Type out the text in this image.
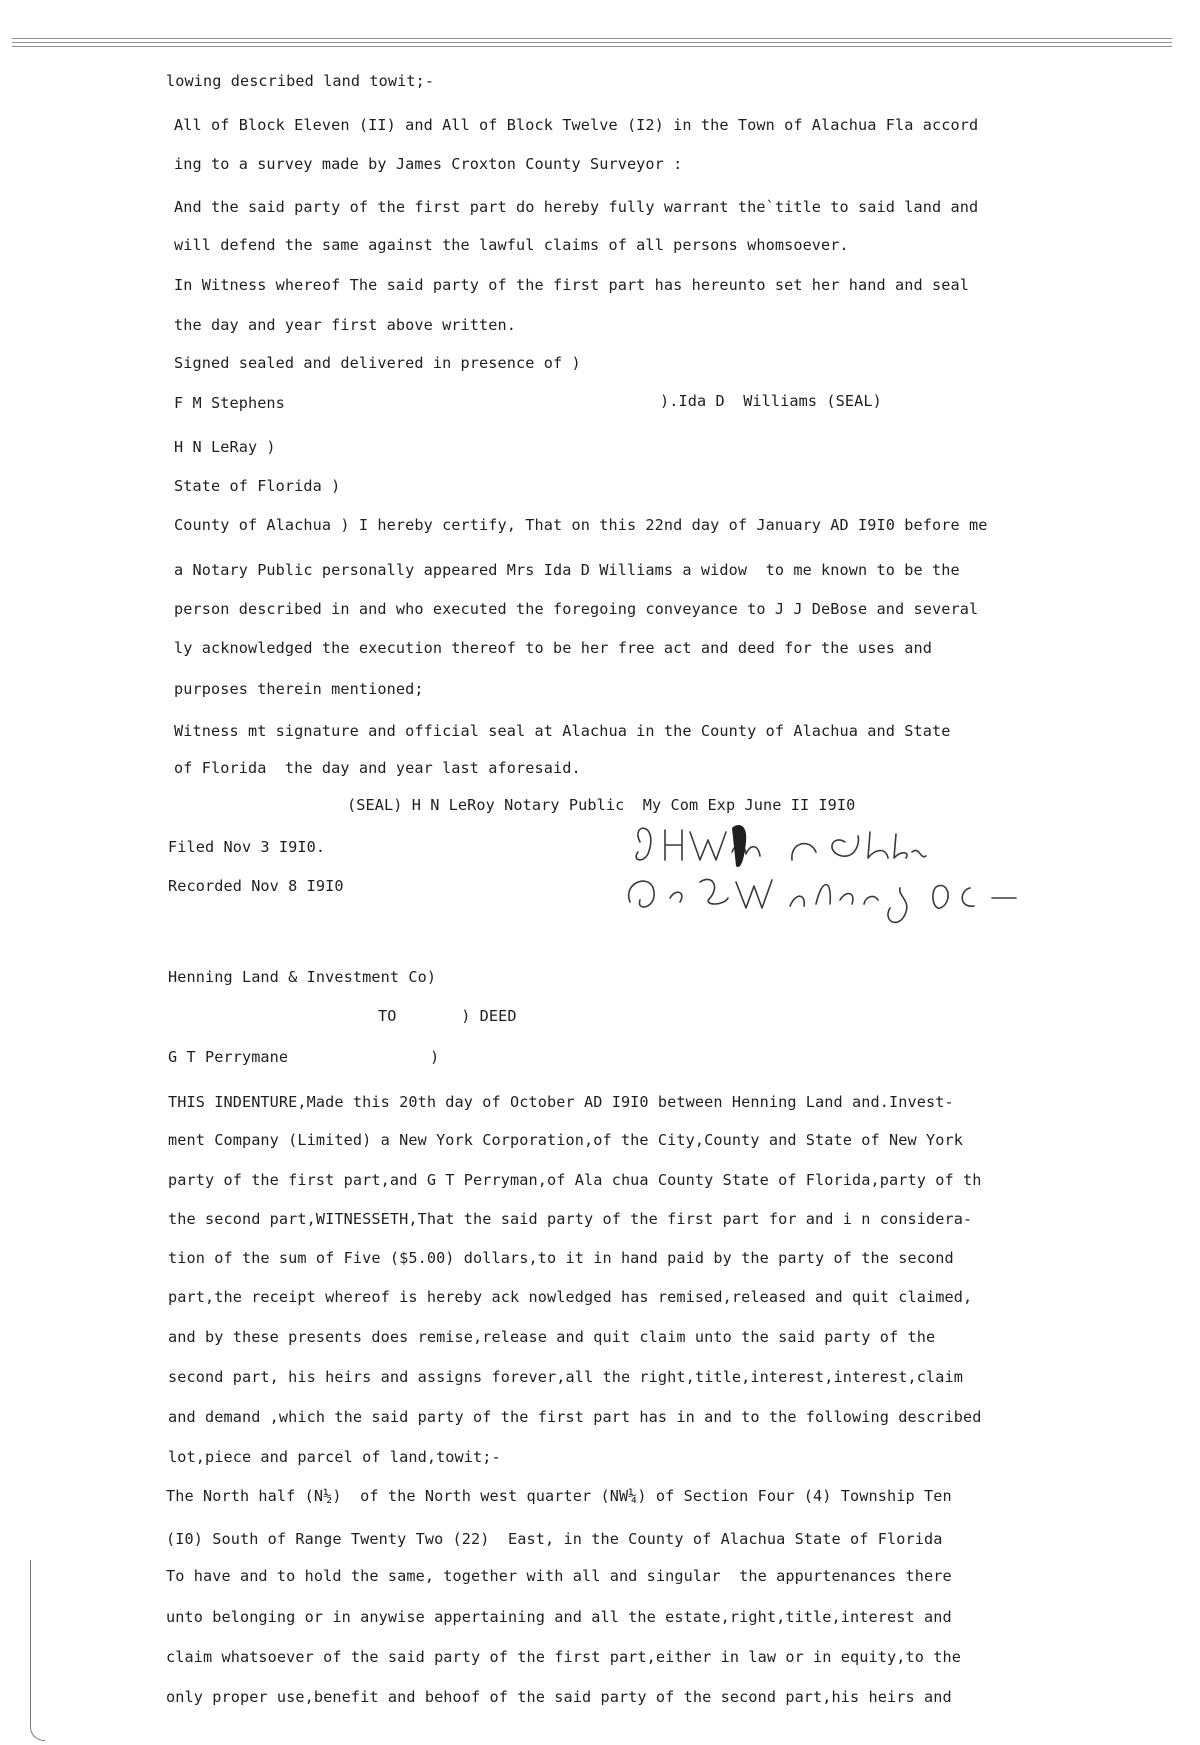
lowing described land towit;-
All of Block Eleven (II) and All of Block Twelve (I2) in the Town of Alachua Fla accord
ing to a survey made by James Croxton County Surveyor :
And the said party of the first part do hereby fully warrant the`title to said land and
will defend the same against the lawful claims of all persons whomsoever.
In Witness whereof The said party of the first part has hereunto set her hand and seal
the day and year first above written.
Signed sealed and delivered in presence of )
F M Stephens	).Ida D  Williams (SEAL)
H N LeRay )
State of Florida )
County of Alachua ) I hereby certify, That on this 22nd day of January AD I9I0 before me
a Notary Public personally appeared Mrs Ida D Williams a widow  to me known to be the
person described in and who executed the foregoing conveyance to J J DeBose and several
ly acknowledged the execution thereof to be her free act and deed for the uses and
purposes therein mentioned;
Witness mt signature and official seal at Alachua in the County of Alachua and State
of Florida  the day and year last aforesaid.
(SEAL) H N LeRoy Notary Public  My Com Exp June II I9I0
Filed Nov 3 I9I0.
Recorded Nov 8 I9I0
Henning Land & Investment Co)
TO       ) DEED
G T Perrymane	)
THIS INDENTURE,Made this 20th day of October AD I9I0 between Henning Land and.Invest-
ment Company (Limited) a New York Corporation,of the City,County and State of New York
party of the first part,and G T Perryman,of Ala chua County State of Florida,party of th
the second part,WITNESSETH,That the said party of the first part for and i n considera-
tion of the sum of Five ($5.00) dollars,to it in hand paid by the party of the second
part,the receipt whereof is hereby ack nowledged has remised,released and quit claimed,
and by these presents does remise,release and quit claim unto the said party of the
second part, his heirs and assigns forever,all the right,title,interest,interest,claim
and demand ,which the said party of the first part has in and to the following described
lot,piece and parcel of land,towit;-
The North half (N½)  of the North west quarter (NW¼) of Section Four (4) Township Ten
(I0) South of Range Twenty Two (22)  East, in the County of Alachua State of Florida
To have and to hold the same, together with all and singular  the appurtenances there
unto belonging or in anywise appertaining and all the estate,right,title,interest and
claim whatsoever of the said party of the first part,either in law or in equity,to the
only proper use,benefit and behoof of the said party of the second part,his heirs and
